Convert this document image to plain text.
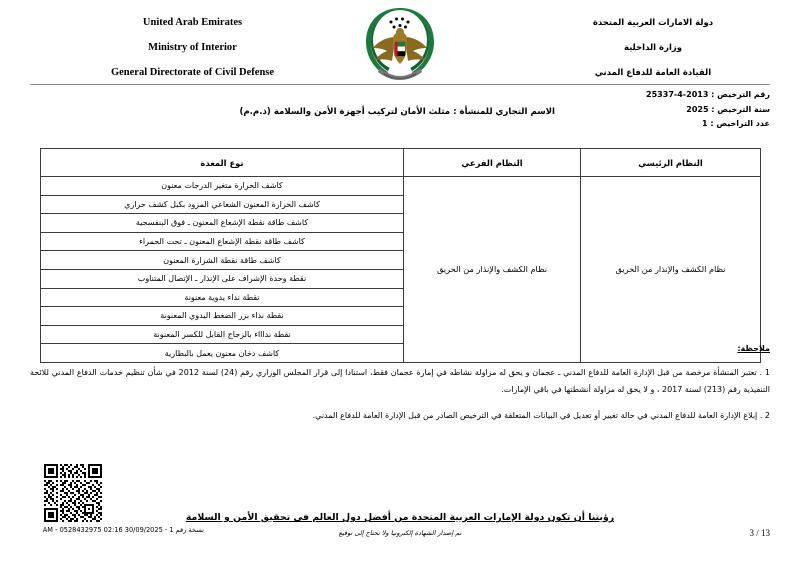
United Arab Emirates
Ministry of Interior
General Directorate of Civil Defense
دولة الامارات العربية المتحدة
وزارة الداخلية
القيادة العامة للدفاع المدني
رقم الترخيص : 2013-4-25337
سنة الترخيص : 2025
عدد التراخيص : 1
الاسم التجاري للمنشأة : مثلث الأمان لتركيب أجهزة الأمن والسلامة (ذ.م.م)
النظام الرئيسي	النظام الفرعي	نوع المعدة
نظام الكشف والإنذار من الحريق	نظام الكشف والإنذار من الحريق	كاشف الحرارة متغير الدرجات معنون
		كاشف الحرارة المعنون الشعاعي المزود بكبل كشف حراري
		كاشف طاقة نقطة الإشعاع المعنون ـ فوق البنفسجية
		كاشف طاقة نقطة الإشعاع المعنون ـ تحت الحمراء
		كاشف طاقة نقطة الشرارة المعنون
		نقطة وحدة الإشراف على الإنذار ـ الإتصال المتناوب
		نقطة نداء يدوية معنونة
		نقطة نداء بزر الضغط اليدوي المعنونة
		نقطة نداااء بالزجاج القابل للكسر المعنونة
		كاشف دخان معنون يعمل بالبطارية
ملاحظة:
1 . تعتبر المنشأة مرخصة من قبل الإدارة العامة للدفاع المدني ـ عجمان و يحق له مزاولة نشاطه في إمارة عجمان فقط، استنادا إلى قرار المجلس الوزاري رقم (24) لسنة 2012 في شأن تنظيم خدمات الدفاع المدني للائحة التنفيذية رقم (213) لسنة 2017 ، و لا يحق له مزاولة أنشطتها في باقي الإمارات.
2 . إبلاغ الإدارة العامة للدفاع المدني في حالة تغيير أو تعديل في البيانات المتعلقة في الترخيص الصادر من قبل الإدارة العامة للدفاع المدني.
نسخة رقم 1 - 30/09/2025 02:16 AM - 0528432975
رؤيتنا أن تكون دولة الإمارات العربية المتحدة من أفضل دول العالم في تحقيق الأمن و السلامة
تم إصدار الشهادة إلكترونيا ولا تحتاج إلى توقيع	3 / 13
